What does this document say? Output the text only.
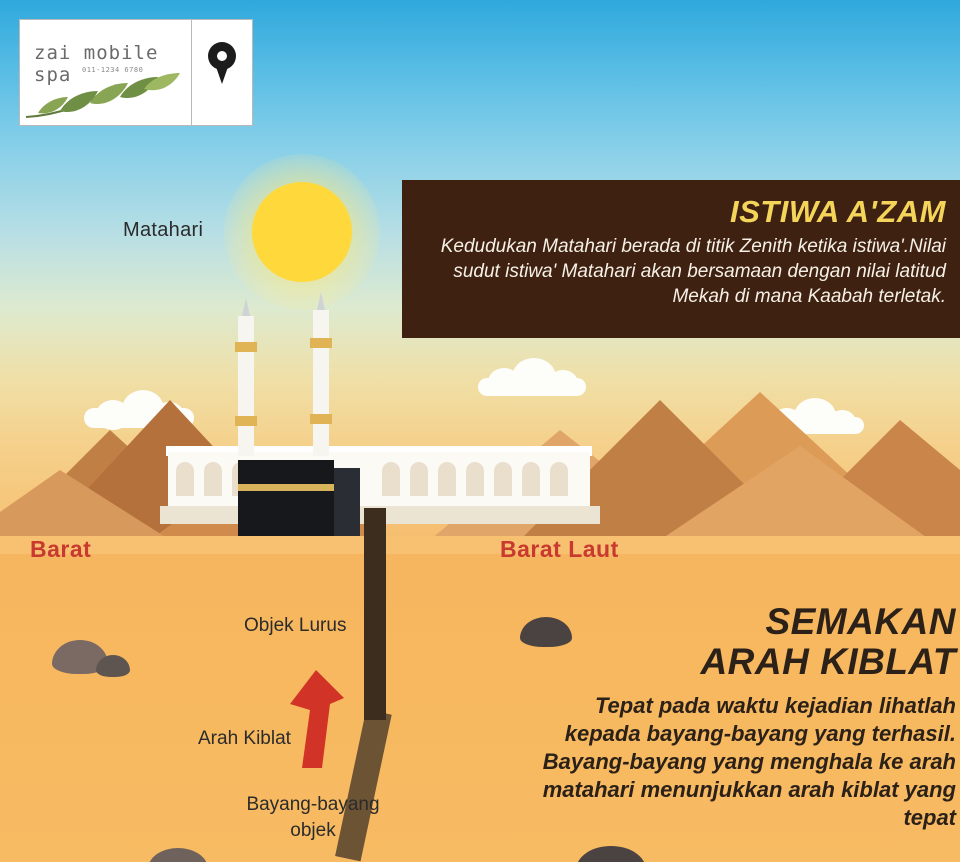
Matahari
Barat	Barat Laut
Objek Lurus
Arah Kiblat
Bayang-bayang objek
ISTIWA A'ZAM
Kedudukan Matahari berada di titik Zenith ketika istiwa'.Nilai sudut istiwa' Matahari akan bersamaan dengan nilai latitud Mekah di mana Kaabah terletak.
SEMAKAN
ARAH KIBLAT
Tepat pada waktu kejadian lihatlah kepada bayang-bayang yang terhasil. Bayang-bayang yang menghala ke arah matahari menunjukkan arah kiblat yang tepat
zai mobile spa	011-1234 6780
